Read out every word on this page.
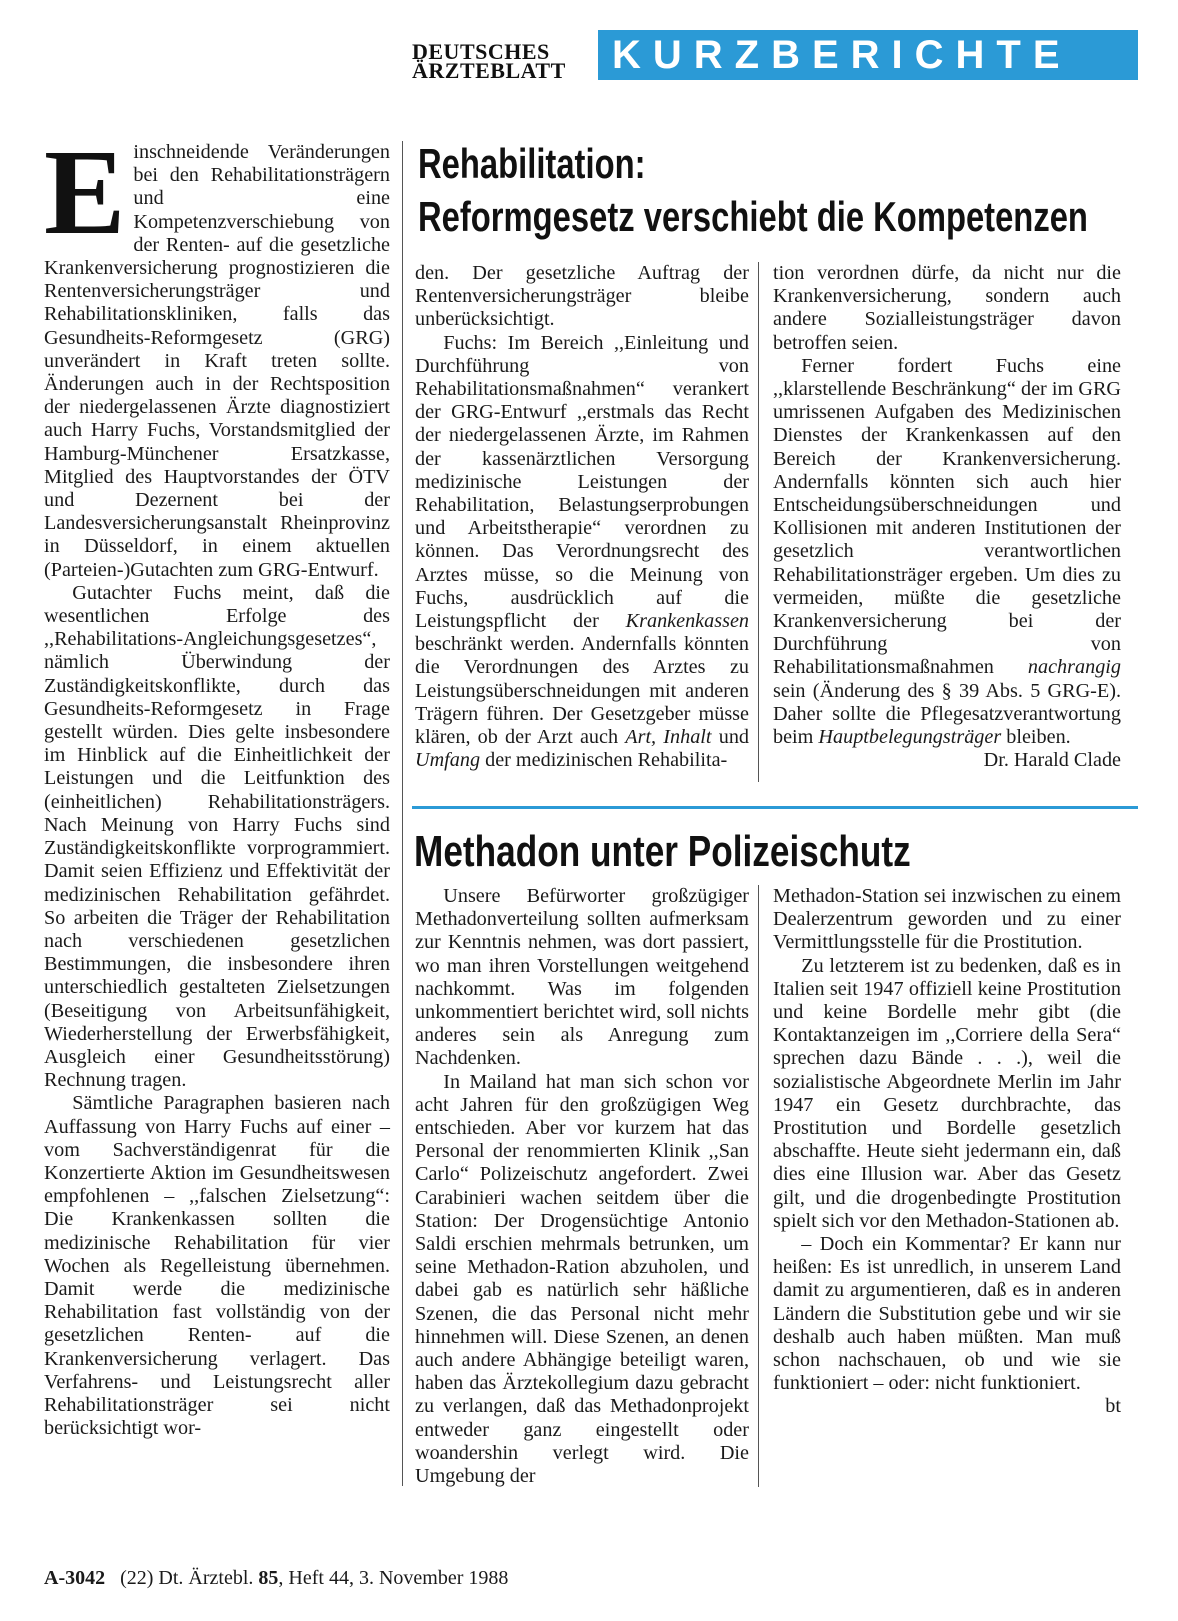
DEUTSCHES
ÄRZTEBLATT	KURZBERICHTE
Rehabilitation:
Reformgesetz verschiebt die Kompetenzen

Einschneidende Veränderungen bei den Rehabilitationsträgern und eine Kompetenzverschiebung von der Renten- auf die gesetzliche Krankenversicherung prognostizieren die Rentenversicherungsträger und Rehabilitationskliniken, falls das Gesundheits-Reformgesetz (GRG) unverändert in Kraft treten sollte. Änderungen auch in der Rechtsposition der niedergelassenen Ärzte diagnostiziert auch Harry Fuchs, Vorstandsmitglied der Hamburg-Münchener Ersatzkasse, Mitglied des Hauptvorstandes der ÖTV und Dezernent bei der Landesversicherungsanstalt Rheinprovinz in Düsseldorf, in einem aktuellen (Parteien-)Gutachten zum GRG-Entwurf.

Gutachter Fuchs meint, daß die wesentlichen Erfolge des ,,Rehabilitations-Angleichungsgesetzes“, nämlich Überwindung der Zuständigkeitskonflikte, durch das Gesundheits-Reformgesetz in Frage gestellt würden. Dies gelte insbesondere im Hinblick auf die Einheitlichkeit der Leistungen und die Leitfunktion des (einheitlichen) Rehabilitationsträgers. Nach Meinung von Harry Fuchs sind Zuständigkeitskonflikte vorprogrammiert. Damit seien Effizienz und Effektivität der medizinischen Rehabilitation gefährdet. So arbeiten die Träger der Rehabilitation nach verschiedenen gesetzlichen Bestimmungen, die insbesondere ihren unterschiedlich gestalteten Zielsetzungen (Beseitigung von Arbeitsunfähigkeit, Wiederherstellung der Erwerbsfähigkeit, Ausgleich einer Gesundheitsstörung) Rechnung tragen.

Sämtliche Paragraphen basieren nach Auffassung von Harry Fuchs auf einer – vom Sachverständigenrat für die Konzertierte Aktion im Gesundheitswesen empfohlenen – ,,falschen Zielsetzung“: Die Krankenkassen sollten die medizinische Rehabilitation für vier Wochen als Regelleistung übernehmen. Damit werde die medizinische Rehabilitation fast vollständig von der gesetzlichen Renten- auf die Krankenversicherung verlagert. Das Verfahrens- und Leistungsrecht aller Rehabilitationsträger sei nicht berücksichtigt wor-

den. Der gesetzliche Auftrag der Rentenversicherungsträger bleibe unberücksichtigt.

Fuchs: Im Bereich ,,Einleitung und Durchführung von Rehabilitationsmaßnahmen“ verankert der GRG-Entwurf ,,erstmals das Recht der niedergelassenen Ärzte, im Rahmen der kassenärztlichen Versorgung medizinische Leistungen der Rehabilitation, Belastungserprobungen und Arbeitstherapie“ verordnen zu können. Das Verordnungsrecht des Arztes müsse, so die Meinung von Fuchs, ausdrücklich auf die Leistungspflicht der Krankenkassen beschränkt werden. Andernfalls könnten die Verordnungen des Arztes zu Leistungsüberschneidungen mit anderen Trägern führen. Der Gesetzgeber müsse klären, ob der Arzt auch Art, Inhalt und Umfang der medizinischen Rehabilita-

tion verordnen dürfe, da nicht nur die Krankenversicherung, sondern auch andere Sozialleistungsträger davon betroffen seien.

Ferner fordert Fuchs eine ,,klarstellende Beschränkung“ der im GRG umrissenen Aufgaben des Medizinischen Dienstes der Krankenkassen auf den Bereich der Krankenversicherung. Andernfalls könnten sich auch hier Entscheidungsüberschneidungen und Kollisionen mit anderen Institutionen der gesetzlich verantwortlichen Rehabilitationsträger ergeben. Um dies zu vermeiden, müßte die gesetzliche Krankenversicherung bei der Durchführung von Rehabilitationsmaßnahmen nachrangig sein (Änderung des § 39 Abs. 5 GRG-E). Daher sollte die Pflegesatzverantwortung beim Hauptbelegungsträger bleiben.
Dr. Harald Clade

Methadon unter Polizeischutz

Unsere Befürworter großzügiger Methadonverteilung sollten aufmerksam zur Kenntnis nehmen, was dort passiert, wo man ihren Vorstellungen weitgehend nachkommt. Was im folgenden unkommentiert berichtet wird, soll nichts anderes sein als Anregung zum Nachdenken.

In Mailand hat man sich schon vor acht Jahren für den großzügigen Weg entschieden. Aber vor kurzem hat das Personal der renommierten Klinik ,,San Carlo“ Polizeischutz angefordert. Zwei Carabinieri wachen seitdem über die Station: Der Drogensüchtige Antonio Saldi erschien mehrmals betrunken, um seine Methadon-Ration abzuholen, und dabei gab es natürlich sehr häßliche Szenen, die das Personal nicht mehr hinnehmen will. Diese Szenen, an denen auch andere Abhängige beteiligt waren, haben das Ärztekollegium dazu gebracht zu verlangen, daß das Methadonprojekt entweder ganz eingestellt oder woandershin verlegt wird. Die Umgebung der

Methadon-Station sei inzwischen zu einem Dealerzentrum geworden und zu einer Vermittlungsstelle für die Prostitution.

Zu letzterem ist zu bedenken, daß es in Italien seit 1947 offiziell keine Prostitution und keine Bordelle mehr gibt (die Kontaktanzeigen im ,,Corriere della Sera“ sprechen dazu Bände . . .), weil die sozialistische Abgeordnete Merlin im Jahr 1947 ein Gesetz durchbrachte, das Prostitution und Bordelle gesetzlich abschaffte. Heute sieht jedermann ein, daß dies eine Illusion war. Aber das Gesetz gilt, und die drogenbedingte Prostitution spielt sich vor den Methadon-Stationen ab.

– Doch ein Kommentar? Er kann nur heißen: Es ist unredlich, in unserem Land damit zu argumentieren, daß es in anderen Ländern die Substitution gebe und wir sie deshalb auch haben müßten. Man muß schon nachschauen, ob und wie sie funktioniert – oder: nicht funktioniert.
bt

A-3042 (22) Dt. Ärztebl. 85, Heft 44, 3. November 1988
